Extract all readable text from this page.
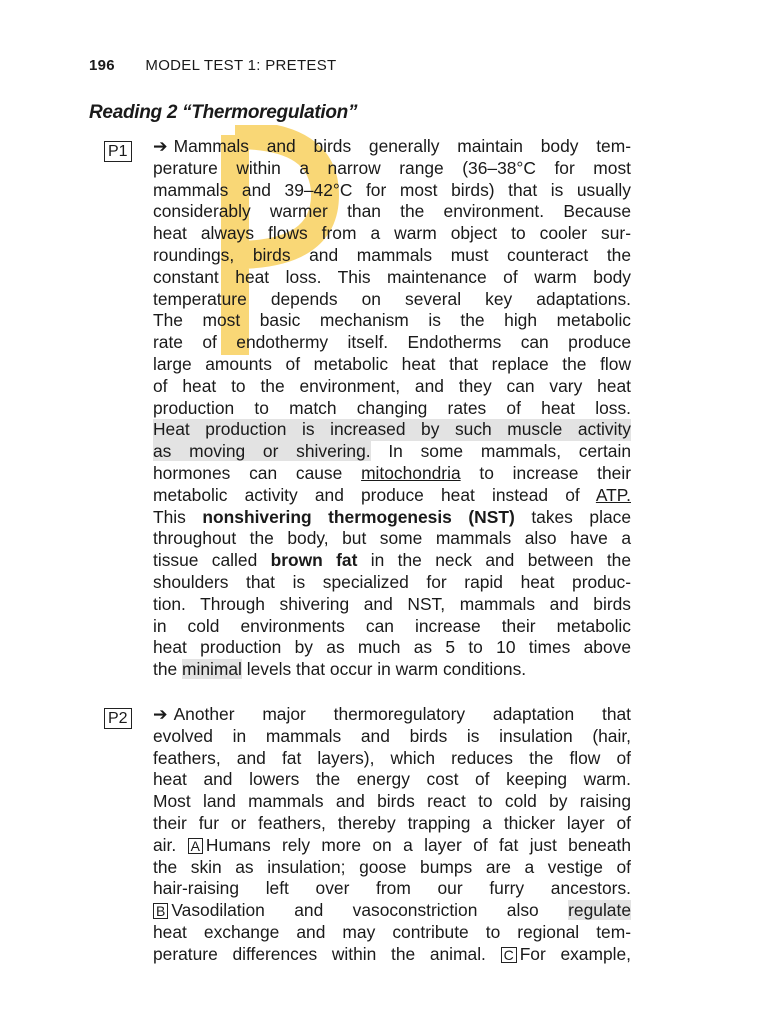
196 MODEL TEST 1: PRETEST
Reading 2 “Thermoregulation”
P1 ➔ Mammals and birds generally maintain body tem-
perature within a narrow range (36–38°C for most
mammals and 39–42°C for most birds) that is usually
considerably warmer than the environment. Because
heat always flows from a warm object to cooler sur-
roundings, birds and mammals must counteract the
constant heat loss. This maintenance of warm body
temperature depends on several key adaptations.
The most basic mechanism is the high metabolic
rate of endothermy itself. Endotherms can produce
large amounts of metabolic heat that replace the flow
of heat to the environment, and they can vary heat
production to match changing rates of heat loss.
Heat production is increased by such muscle activity
as moving or shivering. In some mammals, certain
hormones can cause mitochondria to increase their
metabolic activity and produce heat instead of ATP.
This nonshivering thermogenesis (NST) takes place
throughout the body, but some mammals also have a
tissue called brown fat in the neck and between the
shoulders that is specialized for rapid heat produc-
tion. Through shivering and NST, mammals and birds
in cold environments can increase their metabolic
heat production by as much as 5 to 10 times above
the minimal levels that occur in warm conditions.
P2 ➔ Another major thermoregulatory adaptation that
evolved in mammals and birds is insulation (hair,
feathers, and fat layers), which reduces the flow of
heat and lowers the energy cost of keeping warm.
Most land mammals and birds react to cold by raising
their fur or feathers, thereby trapping a thicker layer of
air. A Humans rely more on a layer of fat just beneath
the skin as insulation; goose bumps are a vestige of
hair-raising left over from our furry ancestors.
B Vasodilation and vasoconstriction also regulate
heat exchange and may contribute to regional tem-
perature differences within the animal. C For example,
